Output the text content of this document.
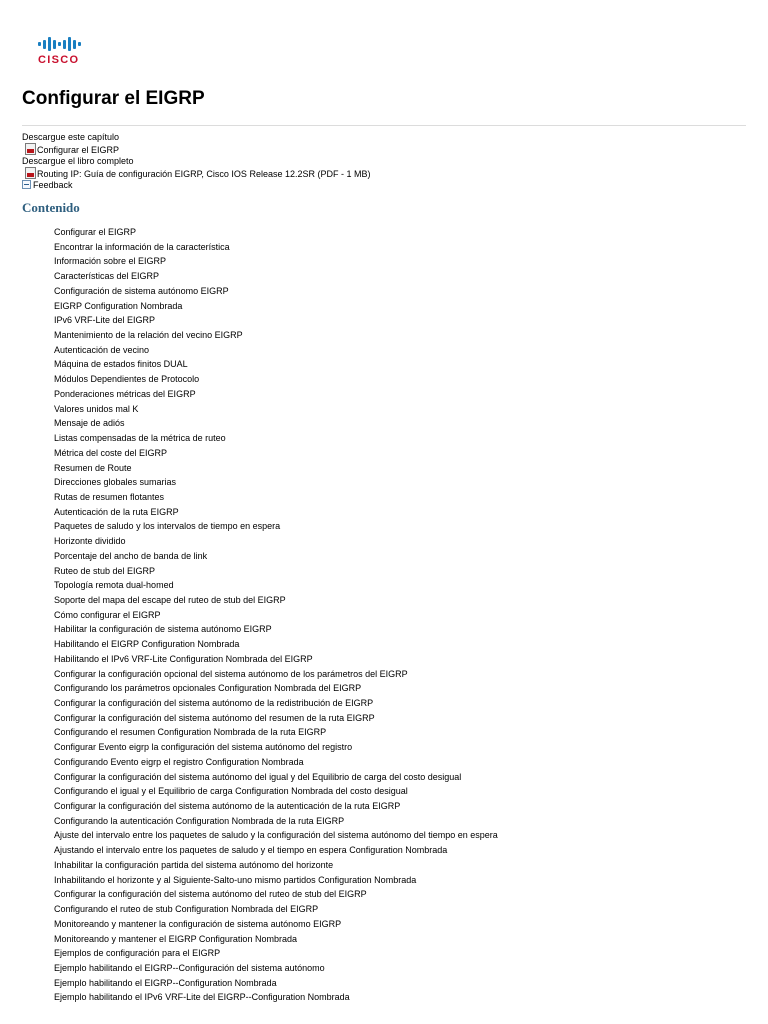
CISCO
Configurar el EIGRP
Descargue este capítulo
Configurar el EIGRP
Descargue el libro completo
Routing IP: Guía de configuración EIGRP, Cisco IOS Release 12.2SR (PDF - 1 MB)
Feedback
Contenido
Configurar el EIGRP
Encontrar la información de la característica
Información sobre el EIGRP
Características del EIGRP
Configuración de sistema autónomo EIGRP
EIGRP Configuration Nombrada
IPv6 VRF-Lite del EIGRP
Mantenimiento de la relación del vecino EIGRP
Autenticación de vecino
Máquina de estados finitos DUAL
Módulos Dependientes de Protocolo
Ponderaciones métricas del EIGRP
Valores unidos mal K
Mensaje de adiós
Listas compensadas de la métrica de ruteo
Métrica del coste del EIGRP
Resumen de Route
Direcciones globales sumarias
Rutas de resumen flotantes
Autenticación de la ruta EIGRP
Paquetes de saludo y los intervalos de tiempo en espera
Horizonte dividido
Porcentaje del ancho de banda de link
Ruteo de stub del EIGRP
Topología remota dual-homed
Soporte del mapa del escape del ruteo de stub del EIGRP
Cómo configurar el EIGRP
Habilitar la configuración de sistema autónomo EIGRP
Habilitando el EIGRP Configuration Nombrada
Habilitando el IPv6 VRF-Lite Configuration Nombrada del EIGRP
Configurar la configuración opcional del sistema autónomo de los parámetros del EIGRP
Configurando los parámetros opcionales Configuration Nombrada del EIGRP
Configurar la configuración del sistema autónomo de la redistribución de EIGRP
Configurar la configuración del sistema autónomo del resumen de la ruta EIGRP
Configurando el resumen Configuration Nombrada de la ruta EIGRP
Configurar Evento eigrp la configuración del sistema autónomo del registro
Configurando Evento eigrp el registro Configuration Nombrada
Configurar la configuración del sistema autónomo del igual y del Equilibrio de carga del costo desigual
Configurando el igual y el Equilibrio de carga Configuration Nombrada del costo desigual
Configurar la configuración del sistema autónomo de la autenticación de la ruta EIGRP
Configurando la autenticación Configuration Nombrada de la ruta EIGRP
Ajuste del intervalo entre los paquetes de saludo y la configuración del sistema autónomo del tiempo en espera
Ajustando el intervalo entre los paquetes de saludo y el tiempo en espera Configuration Nombrada
Inhabilitar la configuración partida del sistema autónomo del horizonte
Inhabilitando el horizonte y al Siguiente-Salto-uno mismo partidos Configuration Nombrada
Configurar la configuración del sistema autónomo del ruteo de stub del EIGRP
Configurando el ruteo de stub Configuration Nombrada del EIGRP
Monitoreando y mantener la configuración de sistema autónomo EIGRP
Monitoreando y mantener el EIGRP Configuration Nombrada
Ejemplos de configuración para el EIGRP
Ejemplo habilitando el EIGRP--Configuración del sistema autónomo
Ejemplo habilitando el EIGRP--Configuration Nombrada
Ejemplo habilitando el IPv6 VRF-Lite del EIGRP--Configuration Nombrada
